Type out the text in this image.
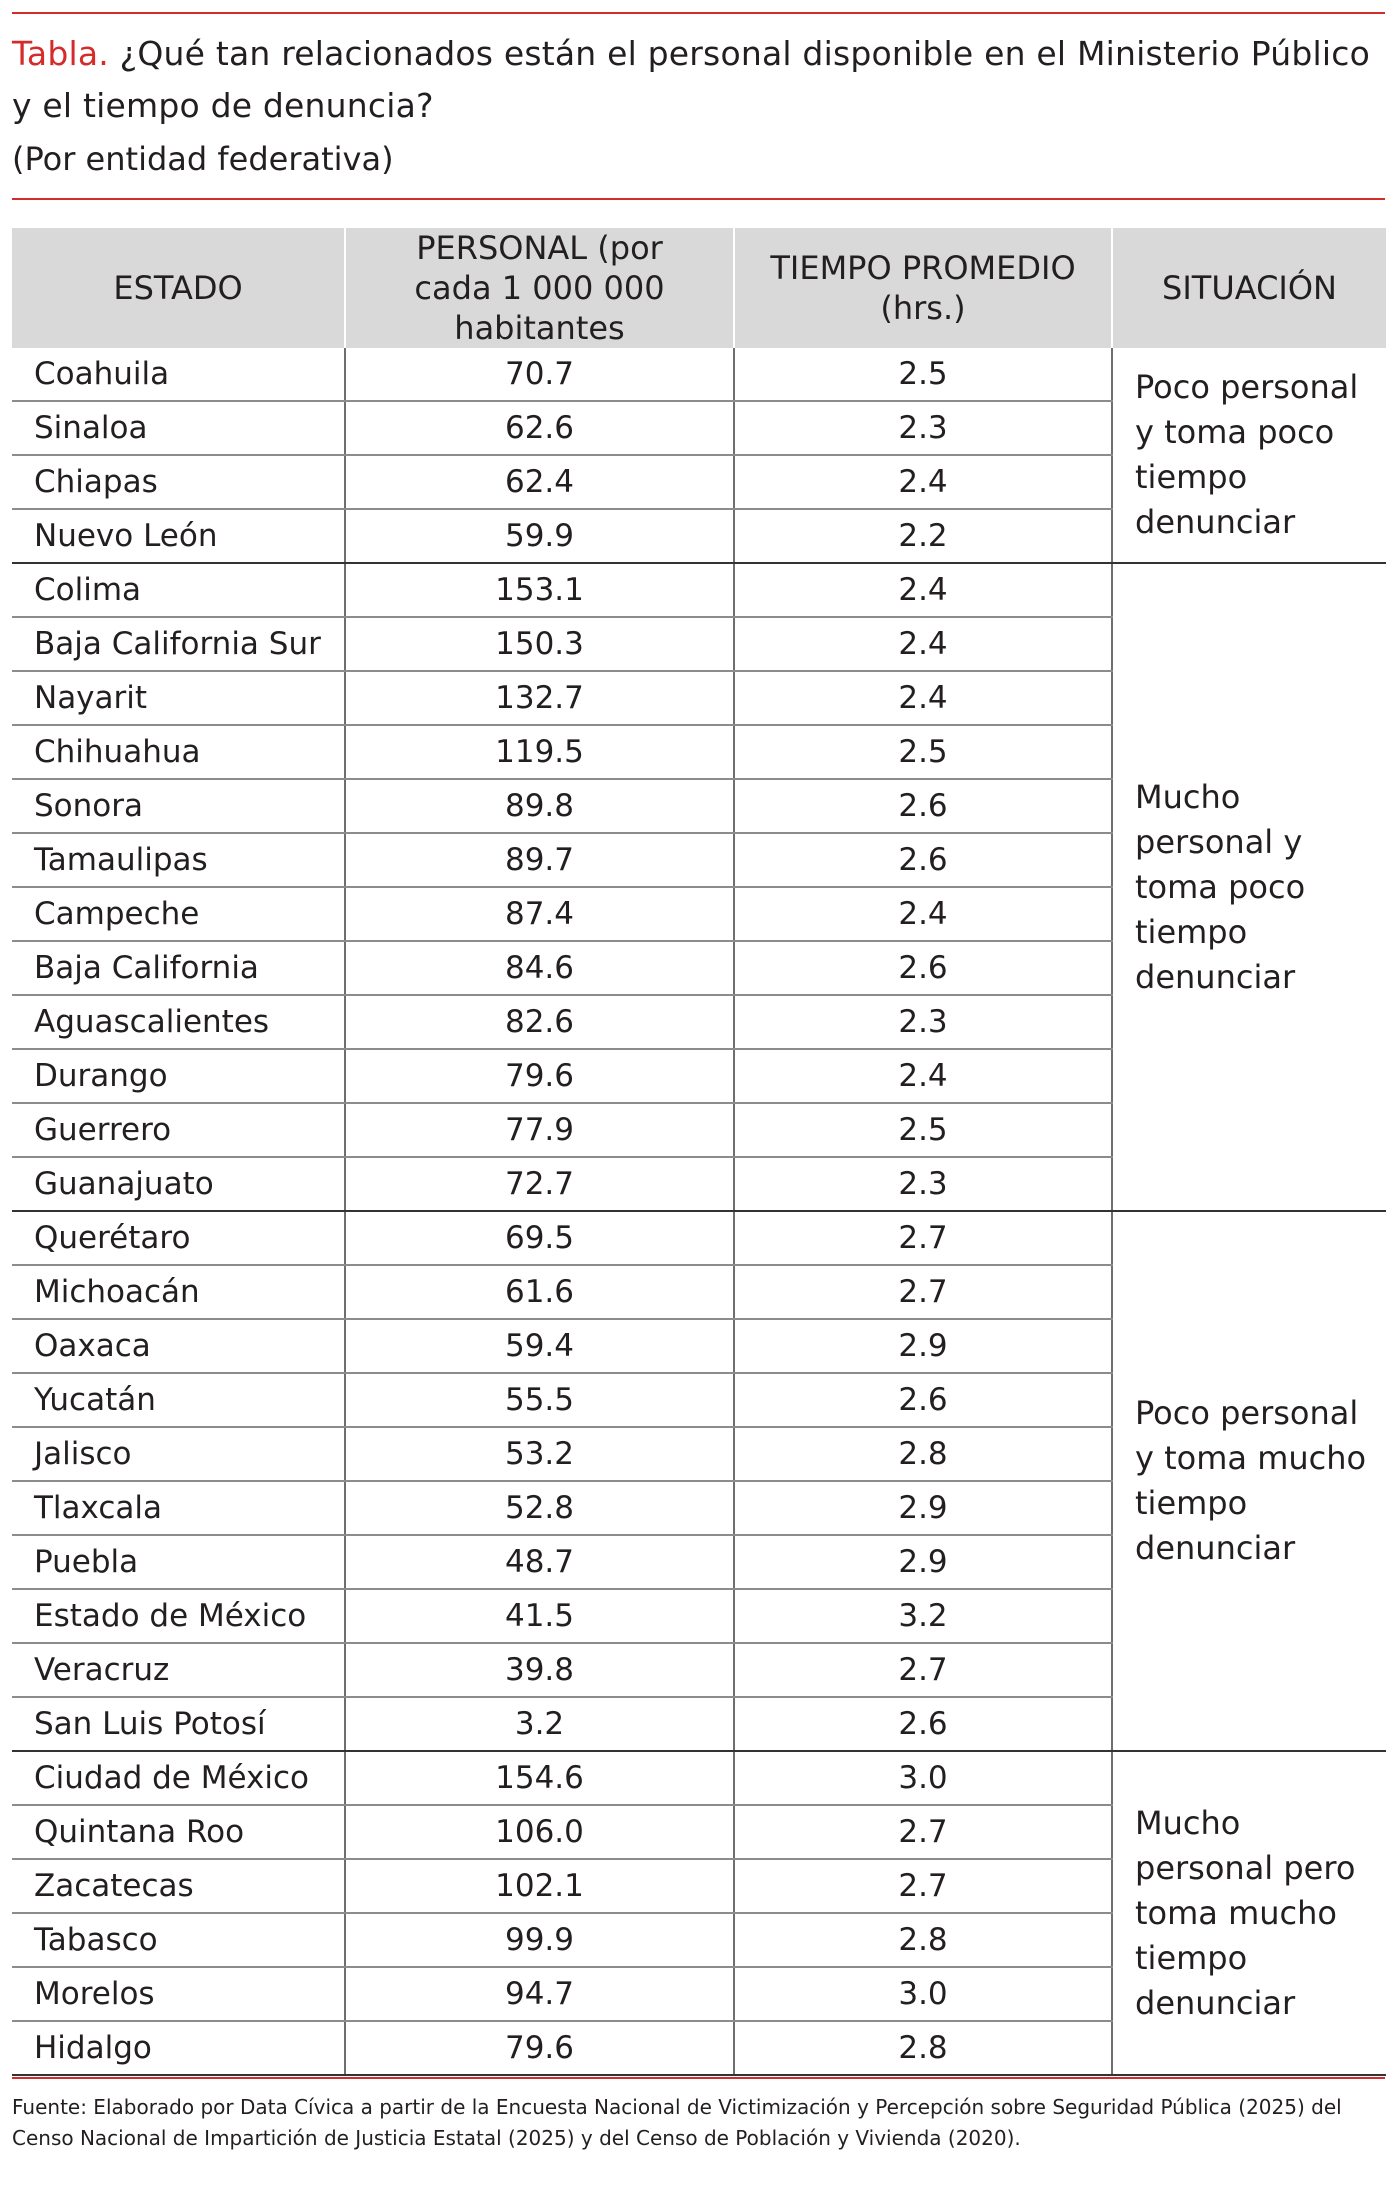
Tabla. ¿Qué tan relacionados están el personal disponible en el Ministerio Público y el tiempo de denuncia?
(Por entidad federativa)
ESTADO	PERSONAL (por cada 1 000 000 habitantes	TIEMPO PROMEDIO (hrs.)	SITUACIÓN
Coahuila	70.7	2.5	Poco personal y toma poco tiempo denunciar
Sinaloa	62.6	2.3	
Chiapas	62.4	2.4	
Nuevo León	59.9	2.2	
Colima	153.1	2.4	Mucho personal y toma poco tiempo denunciar
Baja California Sur	150.3	2.4	
Nayarit	132.7	2.4	
Chihuahua	119.5	2.5	
Sonora	89.8	2.6	
Tamaulipas	89.7	2.6	
Campeche	87.4	2.4	
Baja California	84.6	2.6	
Aguascalientes	82.6	2.3	
Durango	79.6	2.4	
Guerrero	77.9	2.5	
Guanajuato	72.7	2.3	
Querétaro	69.5	2.7	Poco personal y toma mucho tiempo denunciar
Michoacán	61.6	2.7	
Oaxaca	59.4	2.9	
Yucatán	55.5	2.6	
Jalisco	53.2	2.8	
Tlaxcala	52.8	2.9	
Puebla	48.7	2.9	
Estado de México	41.5	3.2	
Veracruz	39.8	2.7	
San Luis Potosí	3.2	2.6	
Ciudad de México	154.6	3.0	Mucho personal pero toma mucho tiempo denunciar
Quintana Roo	106.0	2.7	
Zacatecas	102.1	2.7	
Tabasco	99.9	2.8	
Morelos	94.7	3.0	
Hidalgo	79.6	2.8	
Fuente: Elaborado por Data Cívica a partir de la Encuesta Nacional de Victimización y Percepción sobre Seguridad Pública (2025) del Censo Nacional de Impartición de Justicia Estatal (2025) y del Censo de Población y Vivienda (2020).
